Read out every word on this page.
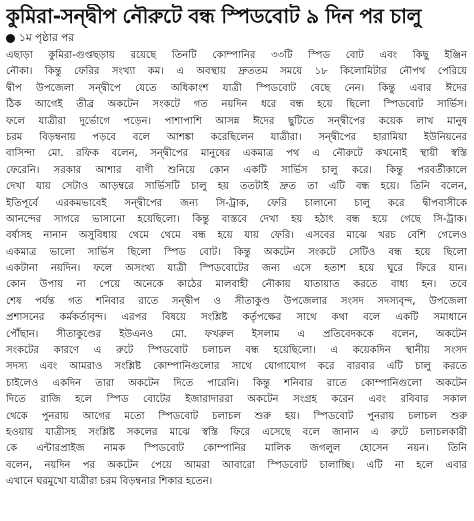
কুমিরা-সন্দ্বীপ নৌরুটে বন্ধ স্পিডবোট ৯ দিন পর চালু
১ম পৃষ্ঠার পর
এছাড়া কুমিরা-গুপ্তছড়ায় রয়েছে তিনটি কোম্পানির ৩৩টি স্পিড বোট এবং কিছু ইঞ্জিন
নৌকা। কিন্তু ফেরির সংখ্যা কম। এ অবস্থায় দ্রুততম সময়ে ১৮ কিলোমিটার নৌপথ পেরিয়ে
দ্বীপ উপজেলা সন্দ্বীপে যেতে অধিকাংশ যাত্রী স্পিডবোট বেছে নেন। কিন্তু এবার ঈদের
ঠিক আগেই তীব্র অকটেন সংকটে গত নয়দিন ধরে বন্ধ হয়ে ছিলো স্পিডবোট সার্ভিস।
ফলে যাত্রীরা দুর্ভোগে পড়েন। পাশাপাশি আসন্ন ঈদের ছুটিতে সন্দ্বীপের কয়েক লাখ মানুষ
চরম বিড়ম্বনায় পড়বে বলে আশঙ্কা করেছিলেন যাত্রীরা। সন্দ্বীপের হারামিয়া ইউনিয়নের
বাসিন্দা মো. রফিক বলেন, সন্দ্বীপের মানুষের একমাত্র পথ এ নৌরুটে কখনোই স্থায়ী স্বস্তি
ফেরেনি। সরকার আশার বাণী শুনিয়ে কোন একটি সার্ভিস চালু করে। কিন্তু পরবর্তীকালে
দেখা যায় সেটাও আড়ম্বরে সার্ভিসটি চালু হয় ততটাই দ্রুত তা এটি বন্ধ হয়ে। তিনি বলেন,
ইতিপূর্বে এরকমভাবেই সন্দ্বীপের জন্য সি-ট্রাক, ফেরি চালানো চালু করে দ্বীপবাসীকে
আনন্দের সাগরে ভাসানো হয়েছিলো। কিন্তু বাস্তবে দেখা হয় হঠাৎ বন্ধ হয়ে গেছে সি-ট্রাক।
বর্ষাসহ নানান অসুবিধায় থেমে থেমে বন্ধ হয়ে যায় ফেরি। এসবের মাঝে খরচ বেশি গেলেও
একমাত্র ভালো সার্ভিস ছিলো স্পিড বোট। কিন্তু অকটেন সংকটে সেটিও বন্ধ হয়ে ছিলো
একটানা নয়দিন। ফলে অসংখ্য যাত্রী স্পিডবোটের জন্য এসে হতাশ হয়ে ঘুরে ফিরে যান।
কোন উপায় না পেয়ে অনেকে কাঠের মালবাহী নৌকায় যাতায়াত করতে বাধ্য হন। তবে
শেষ পর্যন্ত গত শনিবার রাতে সন্দ্বীপ ও সীতাকুণ্ড উপজেলার সংসদ সদস্যবৃন্দ, উপজেলা
প্রশাসনের কর্মকর্তাবৃন্দ। এরপর বিষয়ে সংশ্লিষ্ট কর্তৃপক্ষের সাথে কথা বলে একটি সমাধানে
পৌঁছান। সীতাকুণ্ডের ইউএনও মো. ফখরুল ইসলাম এ প্রতিবেদককে বলেন, অকটেন
সংকটের কারণে এ রুটে স্পিডবোট চলাচল বন্ধ হয়েছিলো। এ কয়েকদিন স্থানীয় সংসদ
সদস্য এবং আমরাও সংশ্লিষ্ট কোম্পানিগুলোর সাথে যোগাযোগ করে বারবার এটি চালু করতে
চাইলেও একদিন তারা অকটেন দিতে পারেনি। কিন্তু শনিবার রাতে কোম্পানিগুলো অকটেন
দিতে রাজি হলে স্পিড বোটের ইজারাদাররা অকটেন সংগ্রহ করেন এবং রবিবার সকাল
থেকে পুনরায় আগের মতো স্পিডবোট চলাচল শুরু হয়। স্পিডবোট পুনরায় চলাচল শুরু
হওয়ায় যাত্রীসহ সংশ্লিষ্ট সকলের মাঝে স্বস্তি ফিরে এসেছে বলে জানান এ রুটে চলাচলকারী
কে এন্টারপ্রাইজ নামক স্পিডবোট কোম্পানির মালিক জগলুল হোসেন নয়ন। তিনি
বলেন, নয়দিন পর অকটেন পেয়ে আমরা আবারো স্পিডবোট চালাচ্ছি। এটি না হলে এবার
এখানে ঘরমুখো যাত্রীরা চরম বিড়ম্বনার শিকার হতেন।
